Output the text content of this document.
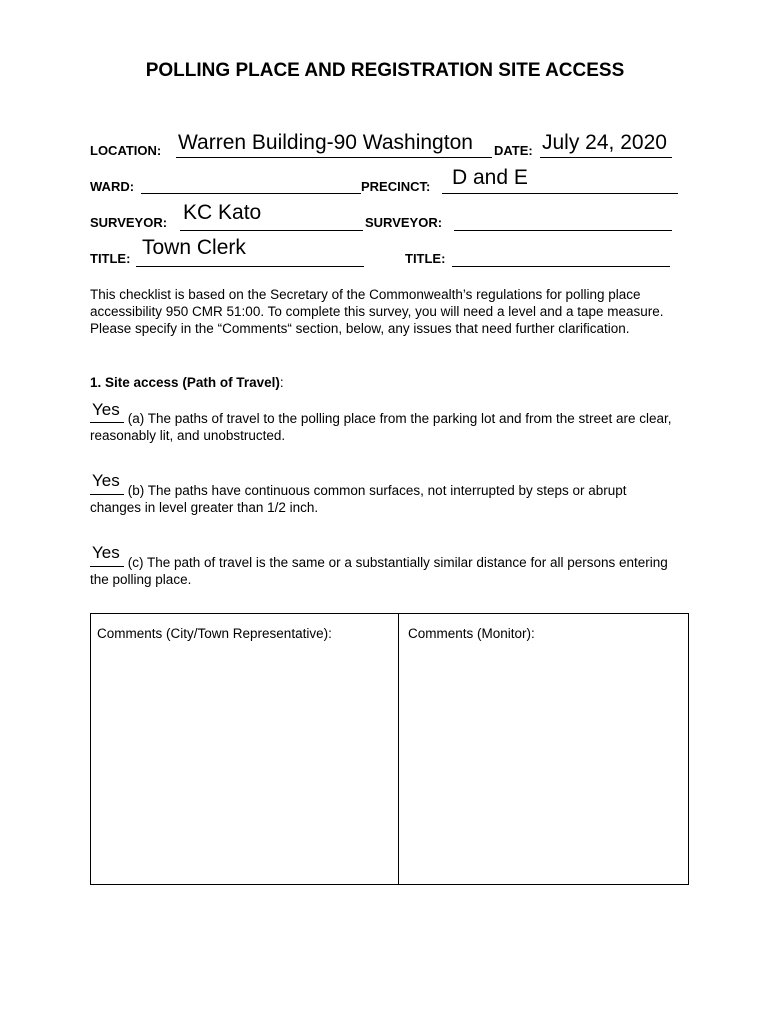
POLLING PLACE AND REGISTRATION SITE ACCESS
LOCATION: Warren Building-90 Washington DATE: July 24, 2020
WARD:	PRECINCT: D and E
SURVEYOR: KC Kato	SURVEYOR:
TITLE: Town Clerk	TITLE:
This checklist is based on the Secretary of the Commonwealth’s regulations for polling place
accessibility 950 CMR 51:00. To complete this survey, you will need a level and a tape measure.
Please specify in the “Comments“ section, below, any issues that need further clarification.
1. Site access (Path of Travel):
Yes (a) The paths of travel to the polling place from the parking lot and from the street are clear,
reasonably lit, and unobstructed.
Yes
(b) The paths have continuous common surfaces, not interrupted by steps or abrupt
changes in level greater than 1/2 inch.
Yes
(c) The path of travel is the same or a substantially similar distance for all persons entering
the polling place.
Comments (City/Town Representative):	Comments (Monitor):
